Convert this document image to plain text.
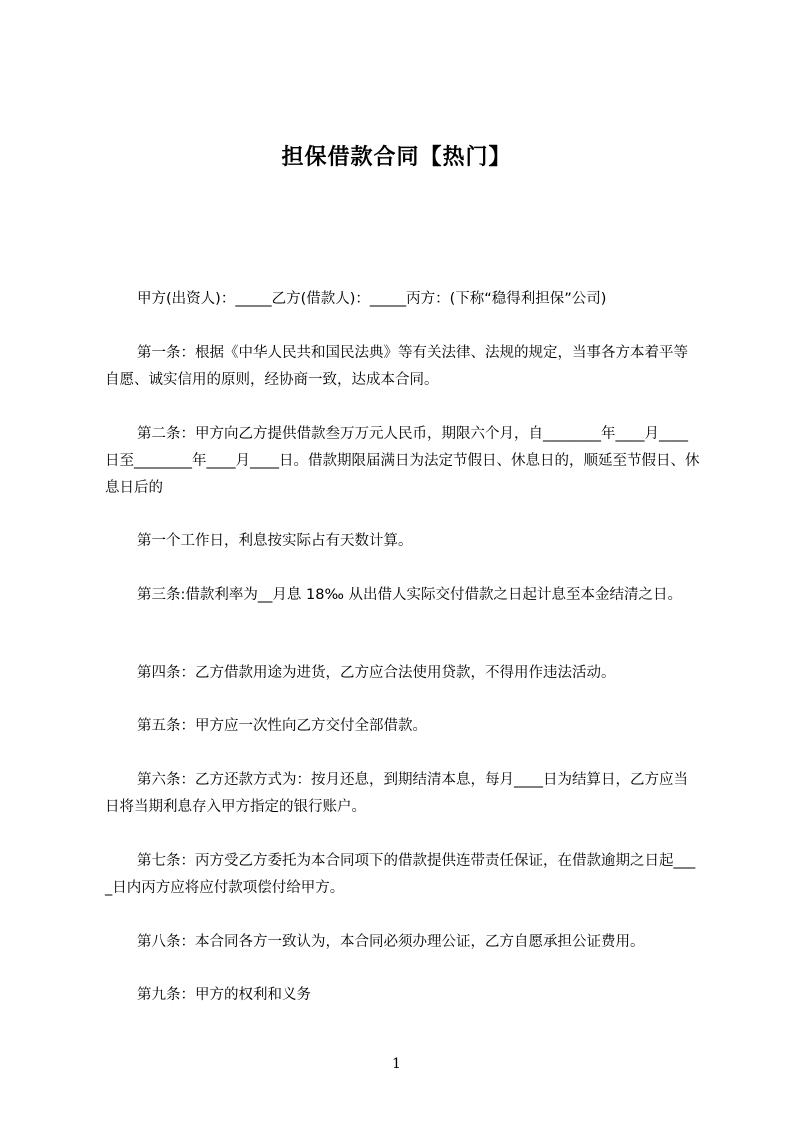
担保借款合同【热门】

甲方(出资人)：_____乙方(借款人)：_____丙方：(下称“稳得利担保”公司)

第一条：根据《中华人民共和国民法典》等有关法律、法规的规定，当事各方本着平等自愿、诚实信用的原则，经协商一致，达成本合同。

第二条：甲方向乙方提供借款叁万万元人民币，期限六个月，自________年____月____日至________年____月____日。借款期限届满日为法定节假日、休息日的，顺延至节假日、休息日后的

第一个工作日，利息按实际占有天数计算。

第三条:借款利率为__月息 18‰ 从出借人实际交付借款之日起计息至本金结清之日。

第四条：乙方借款用途为进货，乙方应合法使用贷款，不得用作违法活动。

第五条：甲方应一次性向乙方交付全部借款。

第六条：乙方还款方式为：按月还息，到期结清本息，每月____日为结算日，乙方应当日将当期利息存入甲方指定的银行账户。

第七条：丙方受乙方委托为本合同项下的借款提供连带责任保证，在借款逾期之日起____日内丙方应将应付款项偿付给甲方。

第八条：本合同各方一致认为，本合同必须办理公证，乙方自愿承担公证费用。

第九条：甲方的权利和义务

1
